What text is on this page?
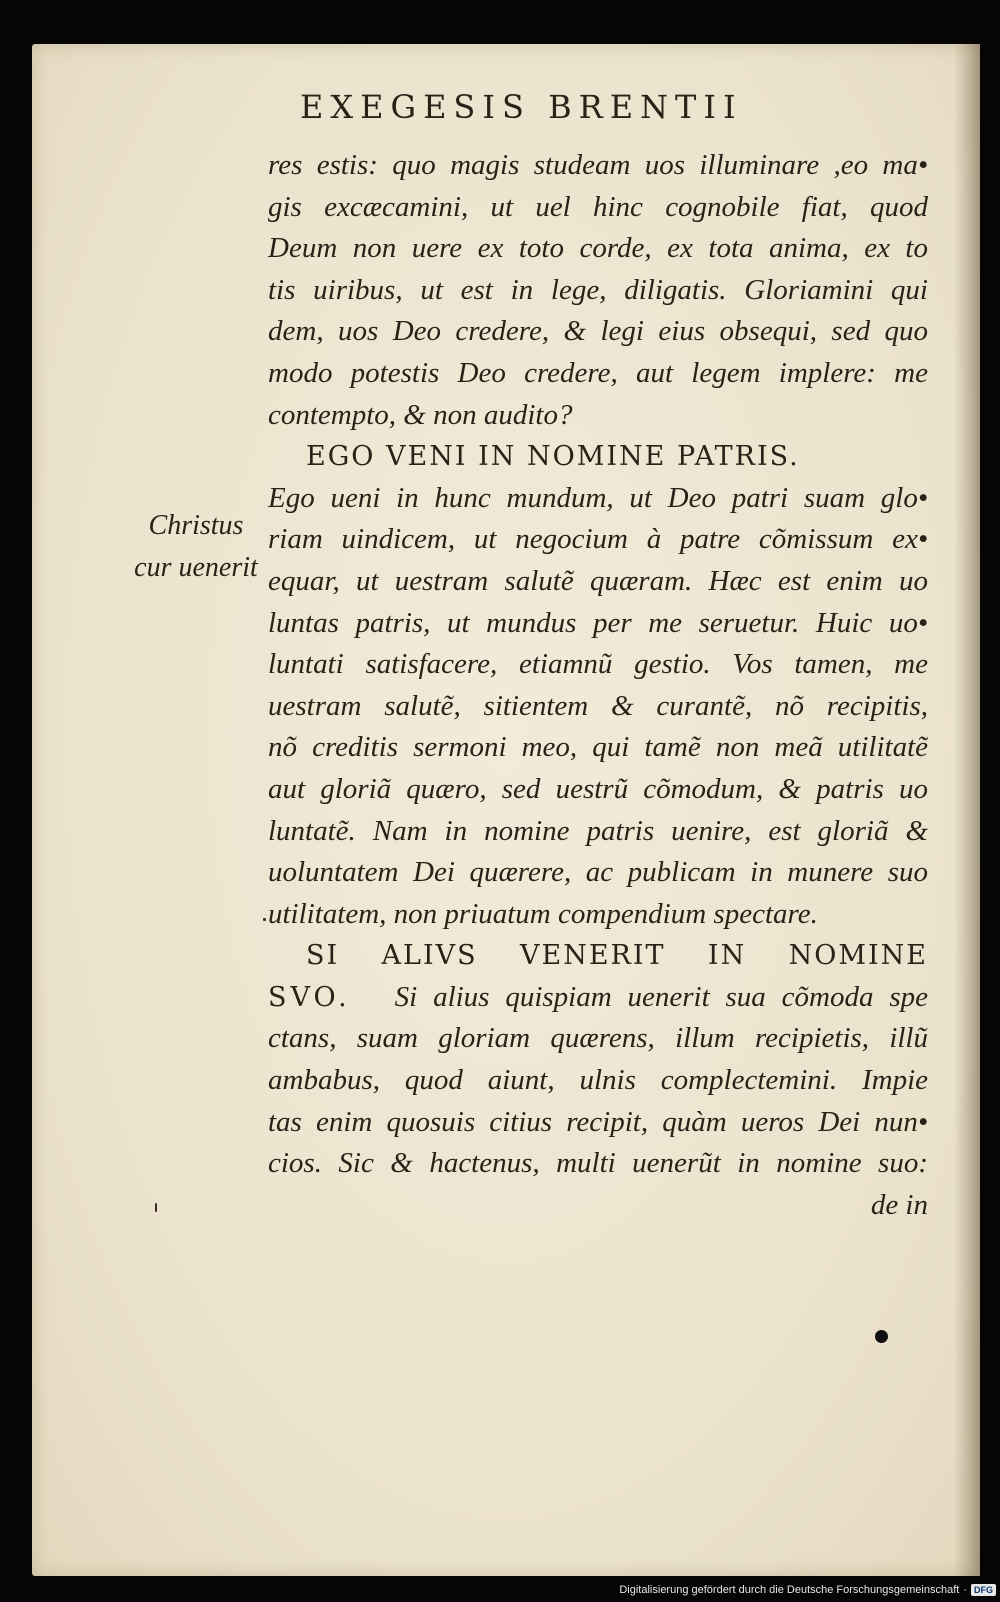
EXEGESIS BRENTII
Christus
cur uenerit
res estis: quo magis studeam uos illuminare ,eo ma•
gis excæcamini, ut uel hinc cognobile fiat, quod
Deum non uere ex toto corde, ex tota anima, ex to
tis uiribus, ut est in lege, diligatis. Gloriamini qui
dem, uos Deo credere, & legi eius obsequi, sed quo
modo potestis Deo credere, aut legem implere: me
contempto, & non audito?
EGO VENI IN NOMINE PATRIS.
Ego ueni in hunc mundum, ut Deo patri suam glo•
riam uindicem, ut negocium à patre cõmissum ex•
equar, ut uestram salutẽ quæram. Hæc est enim uo
luntas patris, ut mundus per me seruetur. Huic uo•
luntati satisfacere, etiamnũ gestio. Vos tamen, me
uestram salutẽ, sitientem & curantẽ, nõ recipitis,
nõ creditis sermoni meo, qui tamẽ non meã utilitatẽ
aut gloriã quæro, sed uestrũ cõmodum, & patris uo
luntatẽ. Nam in nomine patris uenire, est gloriã &
uoluntatem Dei quærere, ac publicam in munere suo
utilitatem, non priuatum compendium spectare.
SI ALIVS VENERIT IN NOMINE
SVO. Si alius quispiam uenerit sua cõmoda spe
ctans, suam gloriam quærens, illum recipietis, illũ
ambabus, quod aiunt, ulnis complectemini. Impie
tas enim quosuis citius recipit, quàm ueros Dei nun•
cios. Sic & hactenus, multi uenerũt in nomine suo:
de in
Digitalisierung gefördert durch die Deutsche Forschungsgemeinschaft · DFG
